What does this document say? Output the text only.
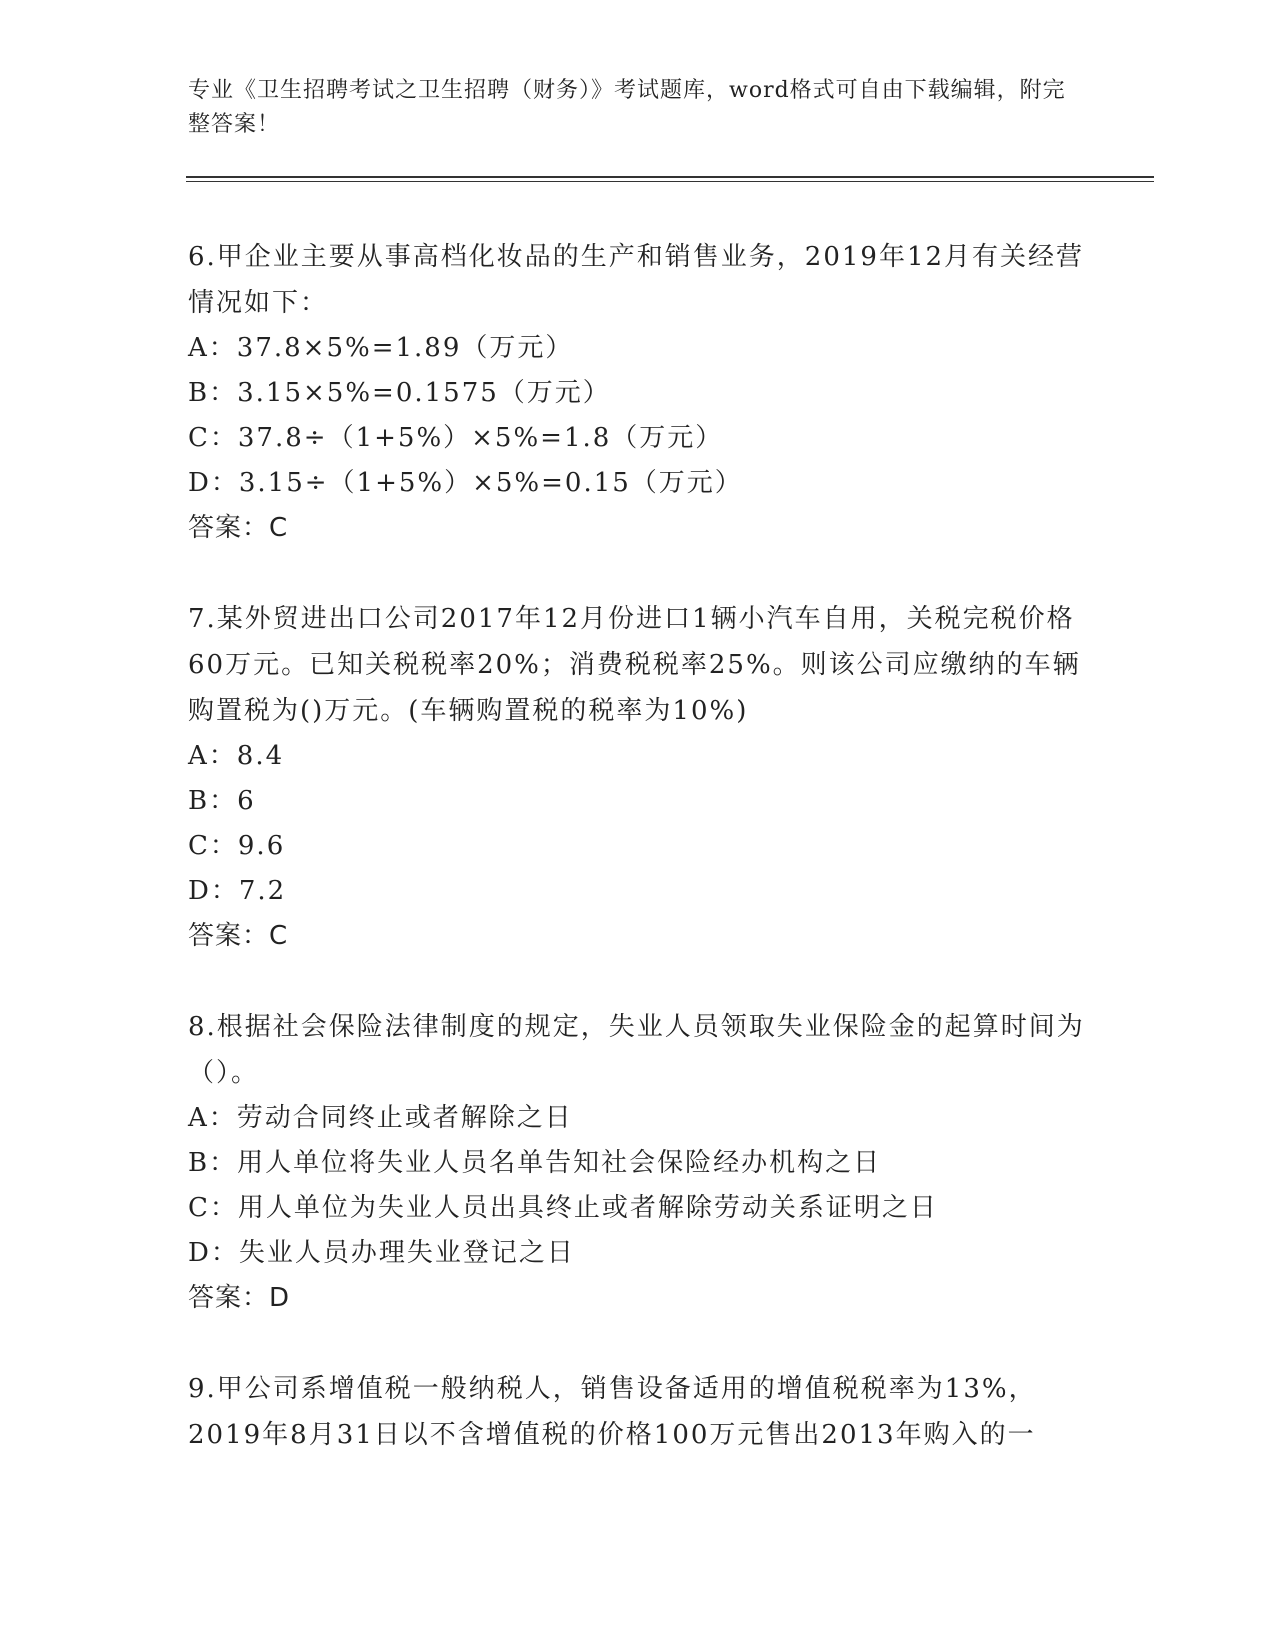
专业《卫生招聘考试之卫生招聘（财务）》考试题库，word格式可自由下载编辑，附完整答案！

6.甲企业主要从事高档化妆品的生产和销售业务，2019年12月有关经营情况如下：

A：37.8×5%=1.89（万元）

B：3.15×5%=0.1575（万元）

C：37.8÷（1+5%）×5%=1.8（万元）

D：3.15÷（1+5%）×5%=0.15（万元）

答案：C

7.某外贸进出口公司2017年12月份进口1辆小汽车自用，关税完税价格60万元。已知关税税率20%；消费税税率25%。则该公司应缴纳的车辆购置税为()万元。(车辆购置税的税率为10%)

A：8.4

B：6

C：9.6

D：7.2

答案：C

8.根据社会保险法律制度的规定，失业人员领取失业保险金的起算时间为（）。

A：劳动合同终止或者解除之日

B：用人单位将失业人员名单告知社会保险经办机构之日

C：用人单位为失业人员出具终止或者解除劳动关系证明之日

D：失业人员办理失业登记之日

答案：D

9.甲公司系增值税一般纳税人，销售设备适用的增值税税率为13%，2019年8月31日以不含增值税的价格100万元售出2013年购入的一
